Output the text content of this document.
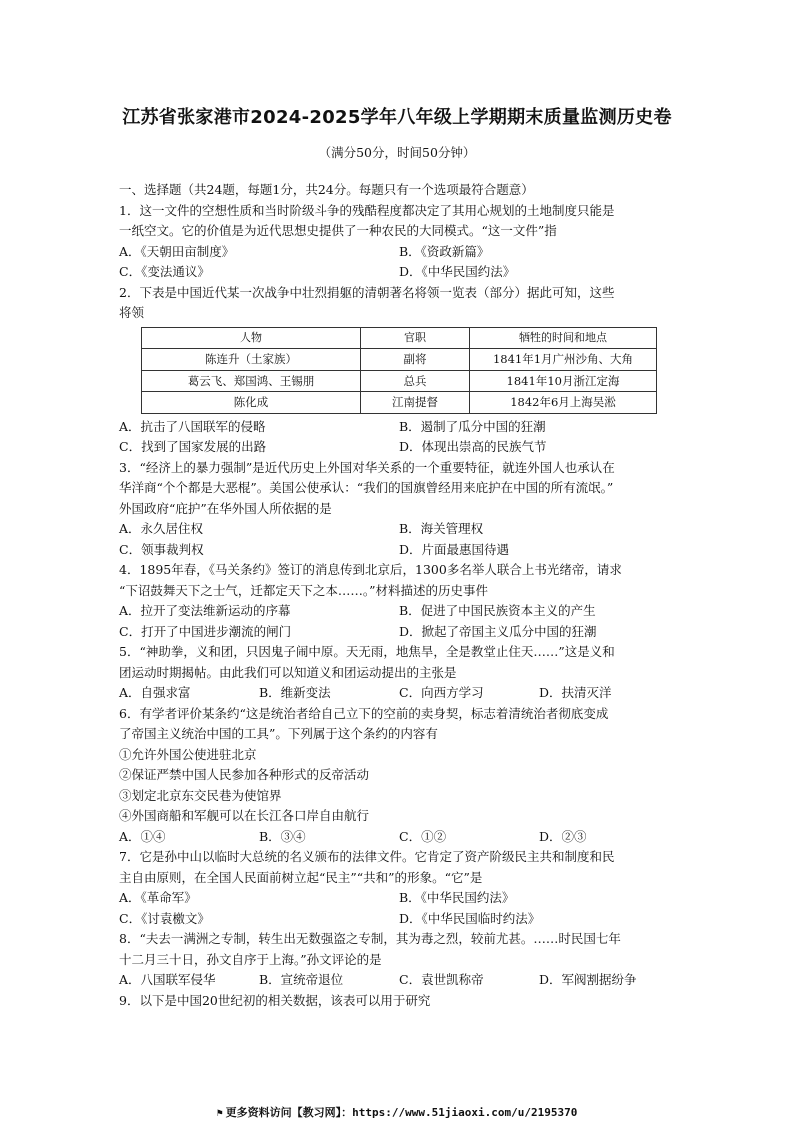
江苏省张家港市2024-2025学年八年级上学期期末质量监测历史卷
（满分50分，时间50分钟）
一、选择题（共24题，每题1分，共24分。每题只有一个选项最符合题意）
1．这一文件的空想性质和当时阶级斗争的残酷程度都决定了其用心规划的土地制度只能是
一纸空文。它的价值是为近代思想史提供了一种农民的大同模式。“这一文件”指
A．《天朝田亩制度》	B．《资政新篇》
C．《变法通议》	D．《中华民国约法》
2．下表是中国近代某一次战争中壮烈捐躯的清朝著名将领一览表（部分）据此可知，这些
将领
人物	官职	牺牲的时间和地点
陈连升（土家族）	副将	1841年1月广州沙角、大角
葛云飞、郑国鸿、王锡朋	总兵	1841年10月浙江定海
陈化成	江南提督	1842年6月上海吴淞
A．抗击了八国联军的侵略	B．遏制了瓜分中国的狂潮
C．找到了国家发展的出路	D．体现出崇高的民族气节
3．“经济上的暴力强制”是近代历史上外国对华关系的一个重要特征，就连外国人也承认在
华洋商“个个都是大恶棍”。美国公使承认：“我们的国旗曾经用来庇护在中国的所有流氓。”
外国政府“庇护”在华外国人所依据的是
A．永久居住权	B．海关管理权
C．领事裁判权	D．片面最惠国待遇
4．1895年春，《马关条约》签订的消息传到北京后，1300多名举人联合上书光绪帝，请求
“下诏鼓舞天下之士气，迁都定天下之本……。”材料描述的历史事件
A．拉开了变法维新运动的序幕	B．促进了中国民族资本主义的产生
C．打开了中国进步潮流的闸门	D．掀起了帝国主义瓜分中国的狂潮
5．“神助拳，义和团，只因鬼子闹中原。天无雨，地焦旱，全是教堂止住天……”这是义和
团运动时期揭帖。由此我们可以知道义和团运动提出的主张是
A．自强求富	B．维新变法	C．向西方学习	D．扶清灭洋
6．有学者评价某条约“这是统治者给自己立下的空前的卖身契，标志着清统治者彻底变成
了帝国主义统治中国的工具”。下列属于这个条约的内容有
①允许外国公使进驻北京
②保证严禁中国人民参加各种形式的反帝活动
③划定北京东交民巷为使馆界
④外国商船和军舰可以在长江各口岸自由航行
A．①④	B．③④	C．①②	D．②③
7．它是孙中山以临时大总统的名义颁布的法律文件。它肯定了资产阶级民主共和制度和民
主自由原则，在全国人民面前树立起“民主”“共和”的形象。“它”是
A．《革命军》	B．《中华民国约法》
C．《讨袁檄文》	D．《中华民国临时约法》
8．“夫去一满洲之专制，转生出无数强盗之专制，其为毒之烈，较前尤甚。……时民国七年
十二月三十日，孙文自序于上海。”孙文评论的是
A．八国联军侵华	B．宣统帝退位	C．袁世凯称帝	D．军阀割据纷争
9．以下是中国20世纪初的相关数据，该表可以用于研究
⚑ 更多资料访问【教习网】：https://www.51jiaoxi.com/u/2195370
